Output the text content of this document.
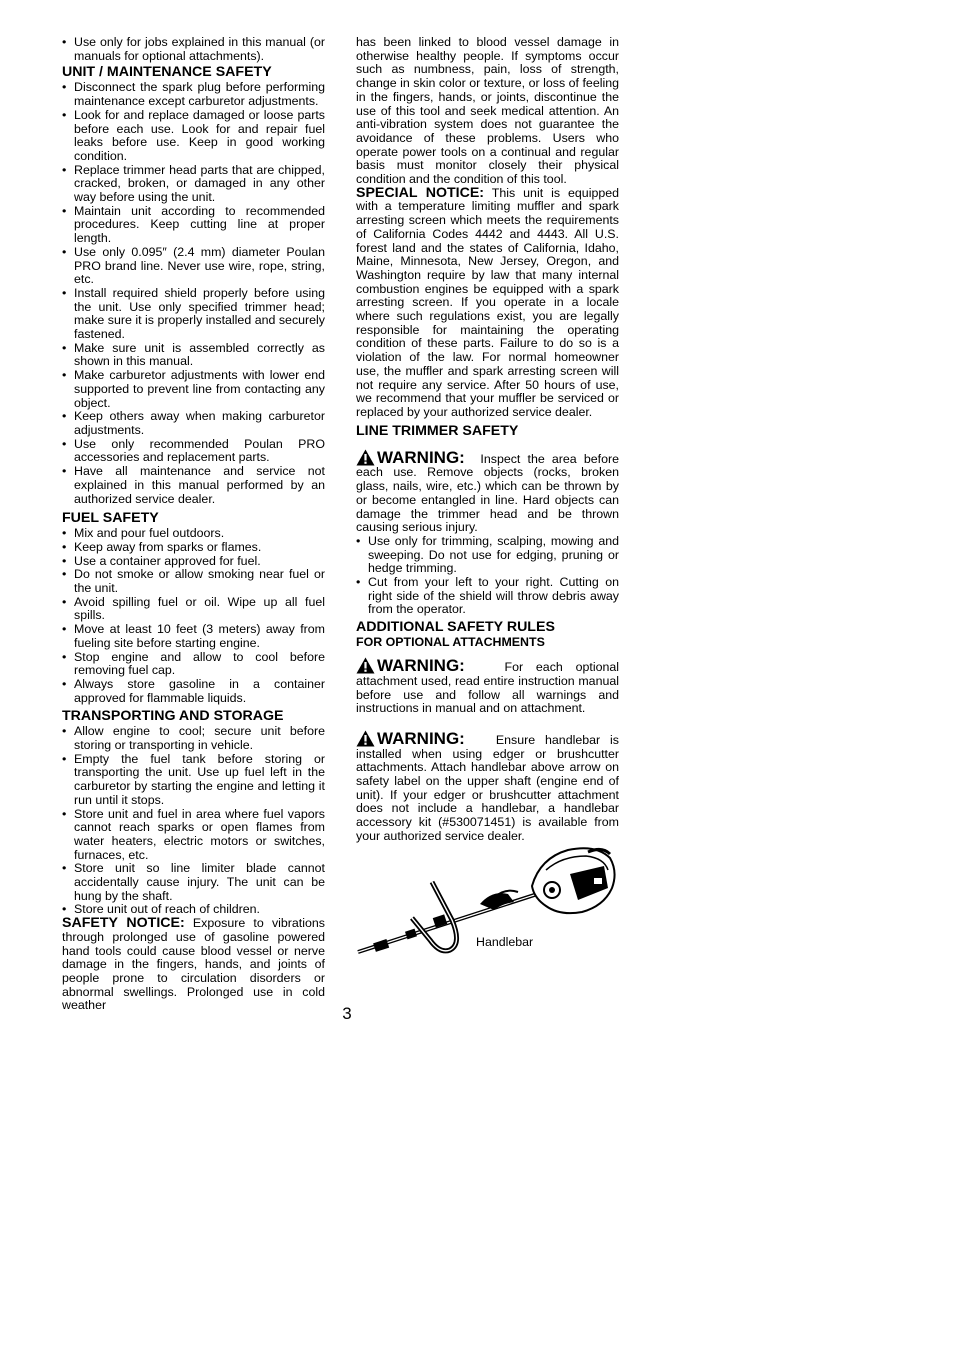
• Use only for jobs explained in this manual (or manuals for optional attachments).
UNIT / MAINTENANCE SAFETY
• Disconnect the spark plug before performing maintenance except carburetor adjustments.
• Look for and replace damaged or loose parts before each use. Look for and repair fuel leaks before use. Keep in good working condition.
• Replace trimmer head parts that are chipped, cracked, broken, or damaged in any other way before using the unit.
• Maintain unit according to recommended procedures. Keep cutting line at proper length.
• Use only 0.095″ (2.4 mm) diameter Poulan PRO brand line. Never use wire, rope, string, etc.
• Install required shield properly before using the unit. Use only specified trimmer head; make sure it is properly installed and securely fastened.
• Make sure unit is assembled correctly as shown in this manual.
• Make carburetor adjustments with lower end supported to prevent line from contacting any object.
• Keep others away when making carburetor adjustments.
• Use only recommended Poulan PRO accessories and replacement parts.
• Have all maintenance and service not explained in this manual performed by an authorized service dealer.
FUEL SAFETY
• Mix and pour fuel outdoors.
• Keep away from sparks or flames.
• Use a container approved for fuel.
• Do not smoke or allow smoking near fuel or the unit.
• Avoid spilling fuel or oil. Wipe up all fuel spills.
• Move at least 10 feet (3 meters) away from fueling site before starting engine.
• Stop engine and allow to cool before removing fuel cap.
• Always store gasoline in a container approved for flammable liquids.
TRANSPORTING AND STORAGE
• Allow engine to cool; secure unit before storing or transporting in vehicle.
• Empty the fuel tank before storing or transporting the unit. Use up fuel left in the carburetor by starting the engine and letting it run until it stops.
• Store unit and fuel in area where fuel vapors cannot reach sparks or open flames from water heaters, electric motors or switches, furnaces, etc.
• Store unit so line limiter blade cannot accidentally cause injury. The unit can be hung by the shaft.
• Store unit out of reach of children.

SAFETY NOTICE: Exposure to vibrations through prolonged use of gasoline powered hand tools could cause blood vessel or nerve damage in the fingers, hands, and joints of people prone to circulation disorders or abnormal swellings. Prolonged use in cold weather

has been linked to blood vessel damage in otherwise healthy people. If symptoms occur such as numbness, pain, loss of strength, change in skin color or texture, or loss of feeling in the fingers, hands, or joints, discontinue the use of this tool and seek medical attention. An anti-vibration system does not guarantee the avoidance of these problems. Users who operate power tools on a continual and regular basis must monitor closely their physical condition and the condition of this tool.

SPECIAL NOTICE: This unit is equipped with a temperature limiting muffler and spark arresting screen which meets the requirements of California Codes 4442 and 4443. All U.S. forest land and the states of California, Idaho, Maine, Minnesota, New Jersey, Oregon, and Washington require by law that many internal combustion engines be equipped with a spark arresting screen. If you operate in a locale where such regulations exist, you are legally responsible for maintaining the operating condition of these parts. Failure to do so is a violation of the law. For normal homeowner use, the muffler and spark arresting screen will not require any service. After 50 hours of use, we recommend that your muffler be serviced or replaced by your authorized service dealer.

LINE TRIMMER SAFETY

WARNING: Inspect the area before each use. Remove objects (rocks, broken glass, nails, wire, etc.) which can be thrown by or become entangled in line. Hard objects can damage the trimmer head and be thrown causing serious injury.

• Use only for trimming, scalping, mowing and sweeping. Do not use for edging, pruning or hedge trimming.
• Cut from your left to your right. Cutting on right side of the shield will throw debris away from the operator.
ADDITIONAL SAFETY RULES
FOR OPTIONAL ATTACHMENTS

WARNING:	For each optional attachment used, read entire instruction manual before use and follow all warnings and instructions in manual and on attachment.

WARNING:	Ensure handlebar is installed when using edger or brushcutter attachments. Attach handlebar above arrow on safety label on the upper shaft (engine end of unit). If your edger or brushcutter attachment does not include a handlebar, a handlebar accessory kit (#530071451) is available from your authorized service dealer.

Handlebar
3
